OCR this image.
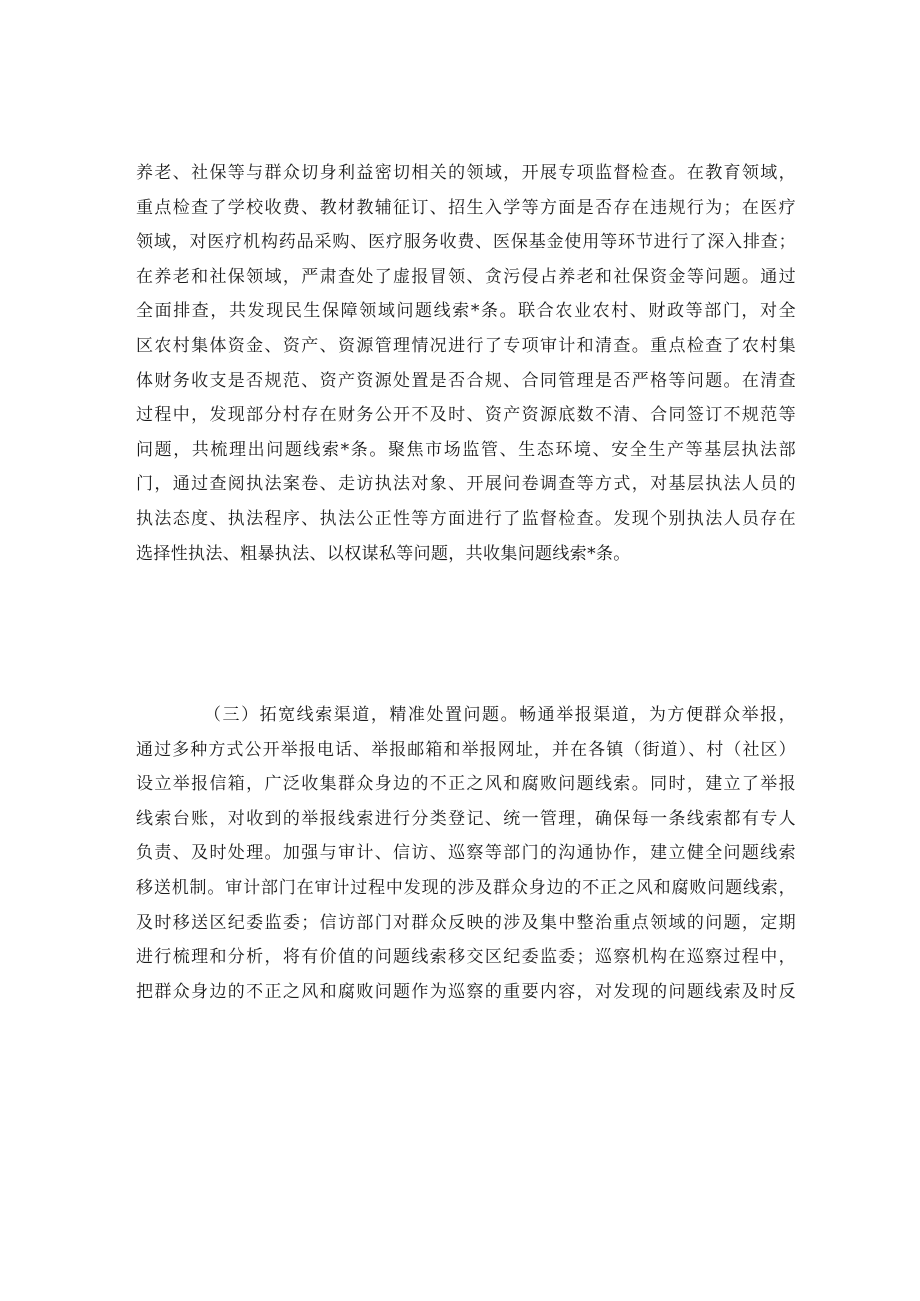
养老、社保等与群众切身利益密切相关的领域，开展专项监督检查。在教育领域，
重点检查了学校收费、教材教辅征订、招生入学等方面是否存在违规行为；在医疗
领域，对医疗机构药品采购、医疗服务收费、医保基金使用等环节进行了深入排查；
在养老和社保领域，严肃查处了虚报冒领、贪污侵占养老和社保资金等问题。通过
全面排查，共发现民生保障领域问题线索*条。联合农业农村、财政等部门，对全
区农村集体资金、资产、资源管理情况进行了专项审计和清查。重点检查了农村集
体财务收支是否规范、资产资源处置是否合规、合同管理是否严格等问题。在清查
过程中，发现部分村存在财务公开不及时、资产资源底数不清、合同签订不规范等
问题，共梳理出问题线索*条。聚焦市场监管、生态环境、安全生产等基层执法部
门，通过查阅执法案卷、走访执法对象、开展问卷调查等方式，对基层执法人员的
执法态度、执法程序、执法公正性等方面进行了监督检查。发现个别执法人员存在
选择性执法、粗暴执法、以权谋私等问题，共收集问题线索*条。
（三）拓宽线索渠道，精准处置问题。畅通举报渠道，为方便群众举报，
通过多种方式公开举报电话、举报邮箱和举报网址，并在各镇（街道）、村（社区）
设立举报信箱，广泛收集群众身边的不正之风和腐败问题线索。同时，建立了举报
线索台账，对收到的举报线索进行分类登记、统一管理，确保每一条线索都有专人
负责、及时处理。加强与审计、信访、巡察等部门的沟通协作，建立健全问题线索
移送机制。审计部门在审计过程中发现的涉及群众身边的不正之风和腐败问题线索，
及时移送区纪委监委；信访部门对群众反映的涉及集中整治重点领域的问题，定期
进行梳理和分析，将有价值的问题线索移交区纪委监委；巡察机构在巡察过程中，
把群众身边的不正之风和腐败问题作为巡察的重要内容，对发现的问题线索及时反
